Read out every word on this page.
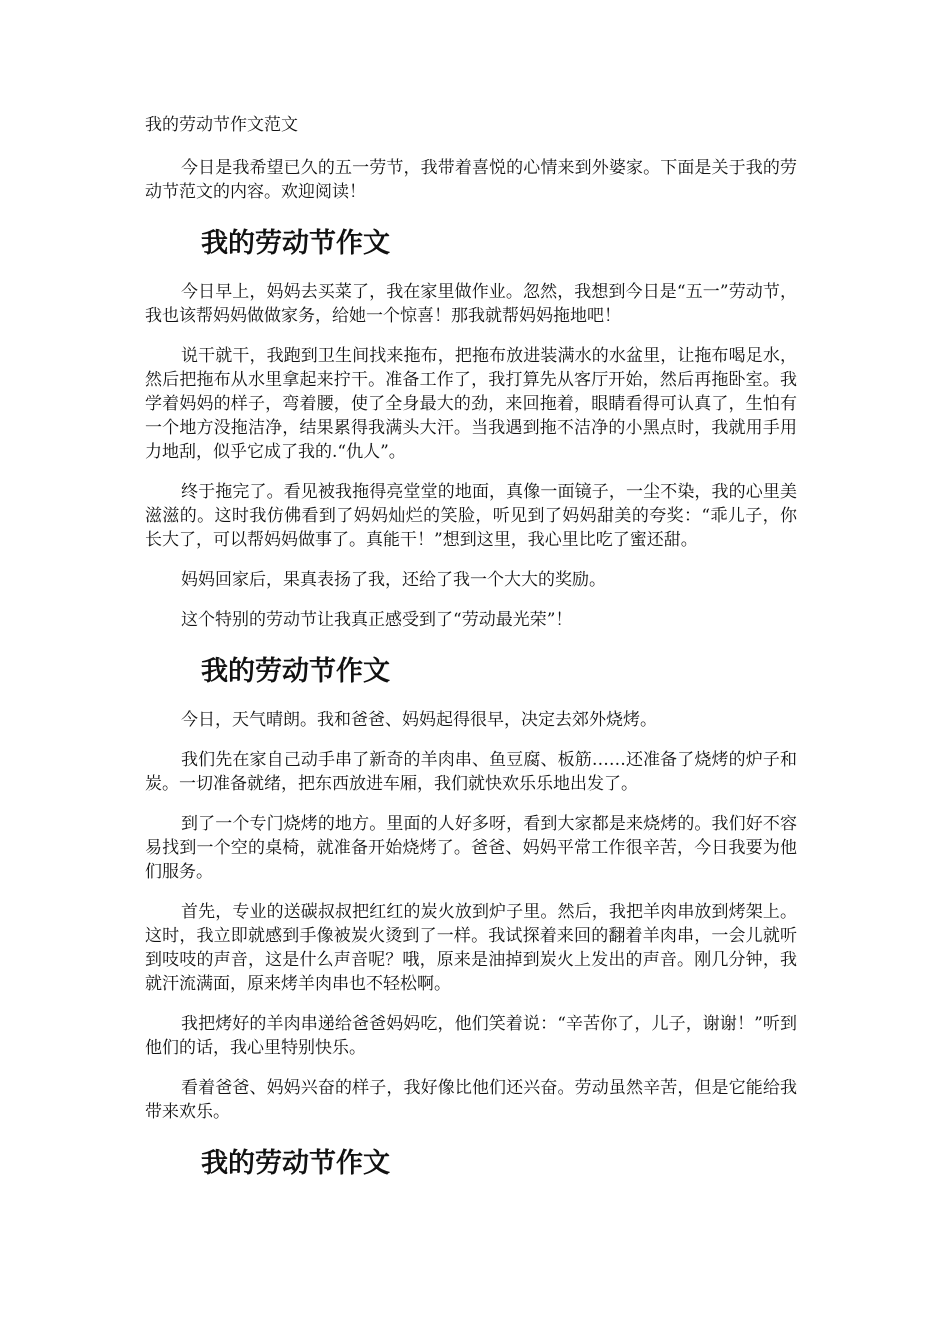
我的劳动节作文范文

今日是我希望已久的五一劳节，我带着喜悦的心情来到外婆家。下面是关于我的劳动节范文的内容。欢迎阅读！

我的劳动节作文

今日早上，妈妈去买菜了，我在家里做作业。忽然，我想到今日是“五一”劳动节，我也该帮妈妈做做家务，给她一个惊喜！那我就帮妈妈拖地吧！

说干就干，我跑到卫生间找来拖布，把拖布放进装满水的水盆里，让拖布喝足水，然后把拖布从水里拿起来拧干。准备工作了，我打算先从客厅开始，然后再拖卧室。我学着妈妈的样子，弯着腰，使了全身最大的劲，来回拖着，眼睛看得可认真了，生怕有一个地方没拖洁净，结果累得我满头大汗。当我遇到拖不洁净的小黑点时，我就用手用力地刮，似乎它成了我的.“仇人”。

终于拖完了。看见被我拖得亮堂堂的地面，真像一面镜子，一尘不染，我的心里美滋滋的。这时我仿佛看到了妈妈灿烂的笑脸，听见到了妈妈甜美的夸奖：“乖儿子，你长大了，可以帮妈妈做事了。真能干！”想到这里，我心里比吃了蜜还甜。

妈妈回家后，果真表扬了我，还给了我一个大大的奖励。

这个特别的劳动节让我真正感受到了“劳动最光荣”！

我的劳动节作文

今日，天气晴朗。我和爸爸、妈妈起得很早，决定去郊外烧烤。

我们先在家自己动手串了新奇的羊肉串、鱼豆腐、板筋……还准备了烧烤的炉子和炭。一切准备就绪，把东西放进车厢，我们就快欢乐乐地出发了。

到了一个专门烧烤的地方。里面的人好多呀，看到大家都是来烧烤的。我们好不容易找到一个空的桌椅，就准备开始烧烤了。爸爸、妈妈平常工作很辛苦，今日我要为他们服务。

首先，专业的送碳叔叔把红红的炭火放到炉子里。然后，我把羊肉串放到烤架上。这时，我立即就感到手像被炭火烫到了一样。我试探着来回的翻着羊肉串，一会儿就听到吱吱的声音，这是什么声音呢？哦，原来是油掉到炭火上发出的声音。刚几分钟，我就汗流满面，原来烤羊肉串也不轻松啊。

我把烤好的羊肉串递给爸爸妈妈吃，他们笑着说：“辛苦你了，儿子，谢谢！”听到他们的话，我心里特别快乐。

看着爸爸、妈妈兴奋的样子，我好像比他们还兴奋。劳动虽然辛苦，但是它能给我带来欢乐。

我的劳动节作文
